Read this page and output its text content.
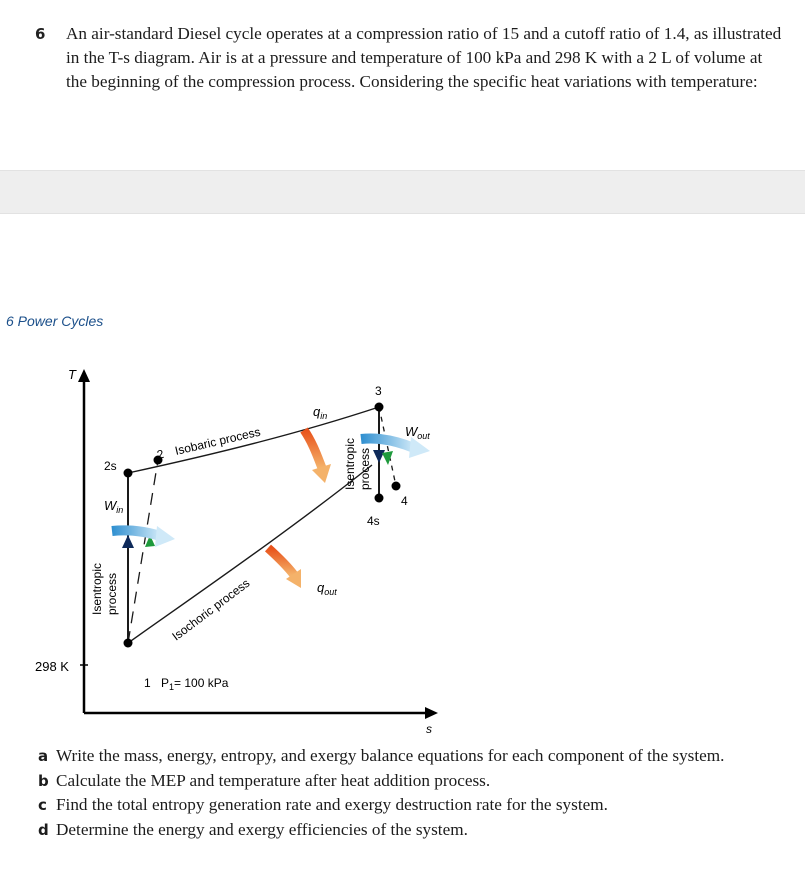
6 An air-standard Diesel cycle operates at a compression ratio of 15 and a cutoff ratio of 1.4, as illustrated in the T-s diagram. Air is at a pressure and temperature of 100 kPa and 298 K with a 2 L of volume at the beginning of the compression process. Considering the specific heat variations with temperature:
6 Power Cycles
T
s
298 K
1 $P_1= 100$ kPa
2s
2 Isobaric process
3
4
4s
Isochoric process
Isentropicprocess
Isentropicprocess
$q_{in}$
$q_{out}$
$W_{in}$
$W_{out}$
a Write the mass, energy, entropy, and exergy balance equations for each component of the system.
b Calculate the MEP and temperature after heat addition process.
c Find the total entropy generation rate and exergy destruction rate for the system.
d Determine the energy and exergy efficiencies of the system.
